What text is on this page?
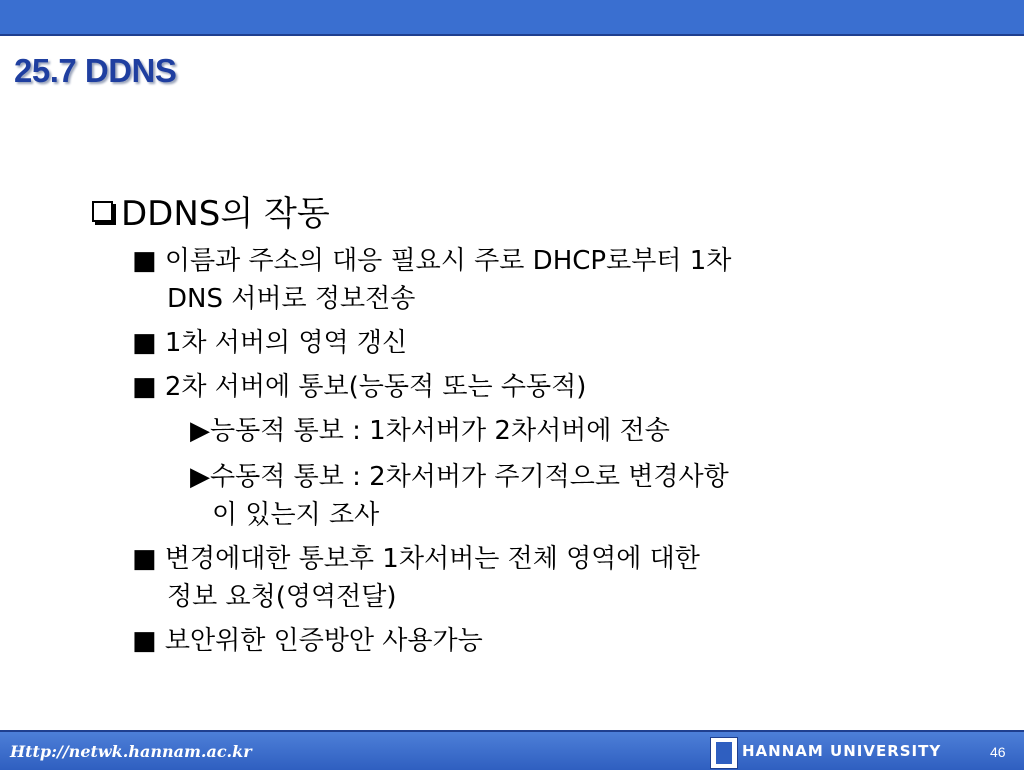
25.7 DDNS
DDNS의 작동
■ 이름과 주소의 대응 필요시 주로 DHCP로부터 1차
DNS 서버로 정보전송
■ 1차 서버의 영역 갱신
■ 2차 서버에 통보(능동적 또는 수동적)
▶능동적 통보 : 1차서버가 2차서버에 전송
▶수동적 통보 : 2차서버가 주기적으로 변경사항
이 있는지 조사
■ 변경에대한 통보후 1차서버는 전체 영역에 대한
정보 요청(영역전달)
■ 보안위한 인증방안 사용가능
Http://netwk.hannam.ac.kr	HANNAM UNIVERSITY	46
